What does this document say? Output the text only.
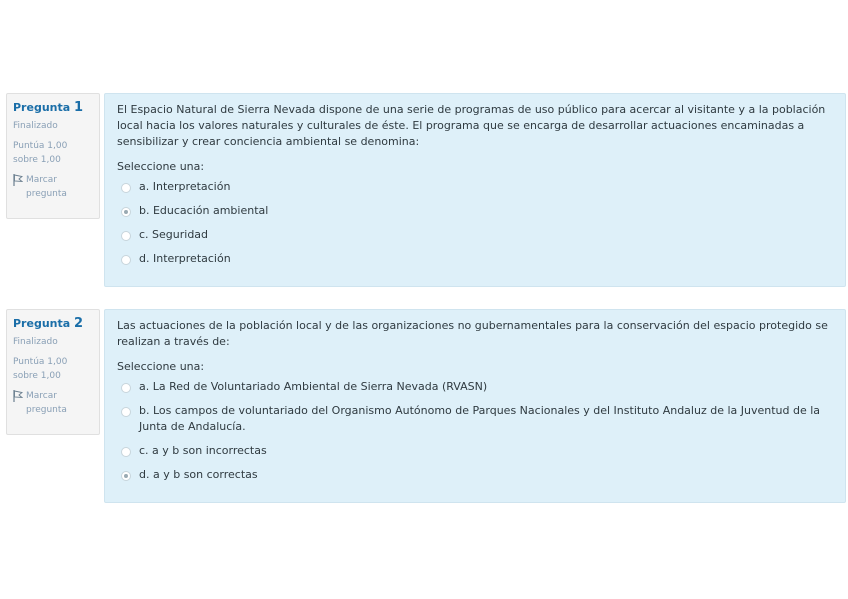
Pregunta 1
Finalizado
Puntúa 1,00
sobre 1,00
Marcar
pregunta

El Espacio Natural de Sierra Nevada dispone de una serie de programas de uso público para acercar al visitante y a la población local hacia los valores naturales y culturales de éste. El programa que se encarga de desarrollar actuaciones encaminadas a sensibilizar y crear conciencia ambiental se denomina:

Seleccione una:
a. Interpretación
b. Educación ambiental
c. Seguridad
d. Interpretación
Pregunta 2
Finalizado
Puntúa 1,00
sobre 1,00
Marcar
pregunta

Las actuaciones de la población local y de las organizaciones no gubernamentales para la conservación del espacio protegido se realizan a través de:

Seleccione una:
a. La Red de Voluntariado Ambiental de Sierra Nevada (RVASN)
b. Los campos de voluntariado del Organismo Autónomo de Parques Nacionales y del Instituto Andaluz de la Juventud de la Junta de Andalucía.
c. a y b son incorrectas
d. a y b son correctas
